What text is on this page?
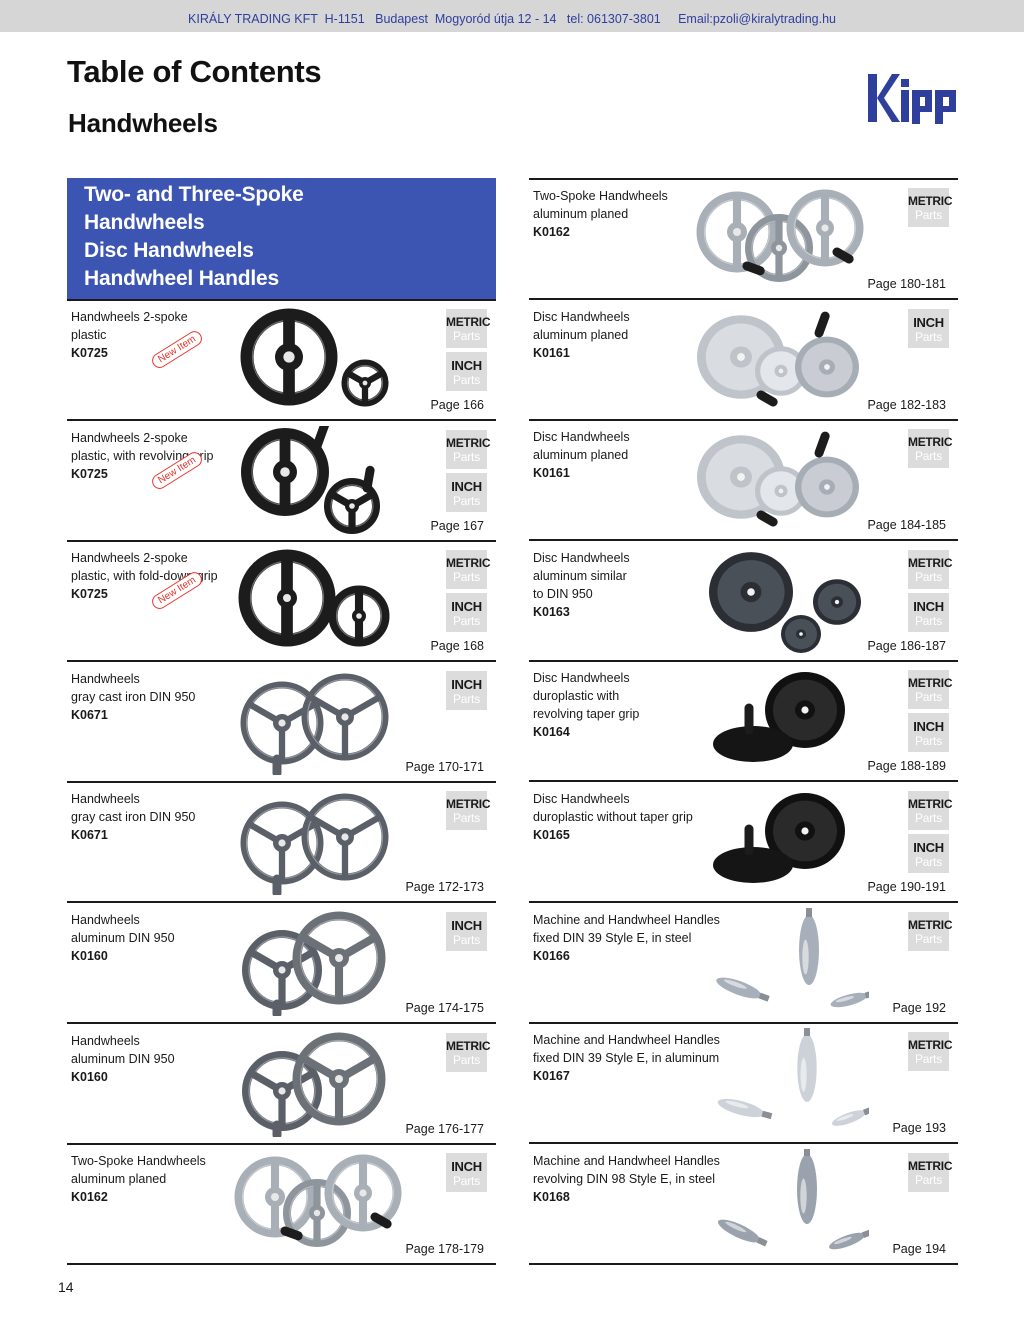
KIRÁLY TRADING KFT  H-1151   Budapest  Mogyoród útja 12 - 14   tel: 061307-3801     Email:pzoli@kiralytrading.hu
Table of Contents
Handwheels
Two- and Three-Spoke
Handwheels
Disc Handwheels
Handwheel Handles
Handwheels 2-spoke
plastic
K0725
METRIC
Parts
INCH
Parts
New Item
Page 166
Handwheels 2-spoke
plastic, with revolving grip
K0725
METRIC
Parts
INCH
Parts
New Item
Page 167
Handwheels 2-spoke
plastic, with fold-down grip
K0725
METRIC
Parts
INCH
Parts
New Item
Page 168
Handwheels
gray cast iron DIN 950
K0671
INCH
Parts
Page 170-171
Handwheels
gray cast iron DIN 950
K0671
METRIC
Parts
Page 172-173
Handwheels
aluminum DIN 950
K0160
INCH
Parts
Page 174-175
Handwheels
aluminum DIN 950
K0160
METRIC
Parts
Page 176-177
Two-Spoke Handwheels
aluminum planed
K0162
INCH
Parts
Page 178-179
Two-Spoke Handwheels
aluminum planed
K0162
METRIC
Parts
Page 180-181
Disc Handwheels
aluminum planed
K0161
INCH
Parts
Page 182-183
Disc Handwheels
aluminum planed
K0161
METRIC
Parts
Page 184-185
Disc Handwheels
aluminum similar
to DIN 950
K0163
METRIC
Parts
INCH
Parts
Page 186-187
Disc Handwheels
duroplastic with
revolving taper grip
K0164
METRIC
Parts
INCH
Parts
Page 188-189
Disc Handwheels
duroplastic without taper grip
K0165
METRIC
Parts
INCH
Parts
Page 190-191
Machine and Handwheel Handles
fixed DIN 39 Style E, in steel
K0166
METRIC
Parts
Page 192
Machine and Handwheel Handles
fixed DIN 39 Style E, in aluminum
K0167
METRIC
Parts
Page 193
Machine and Handwheel Handles
revolving DIN 98 Style E, in steel
K0168
METRIC
Parts
Page 194
14
